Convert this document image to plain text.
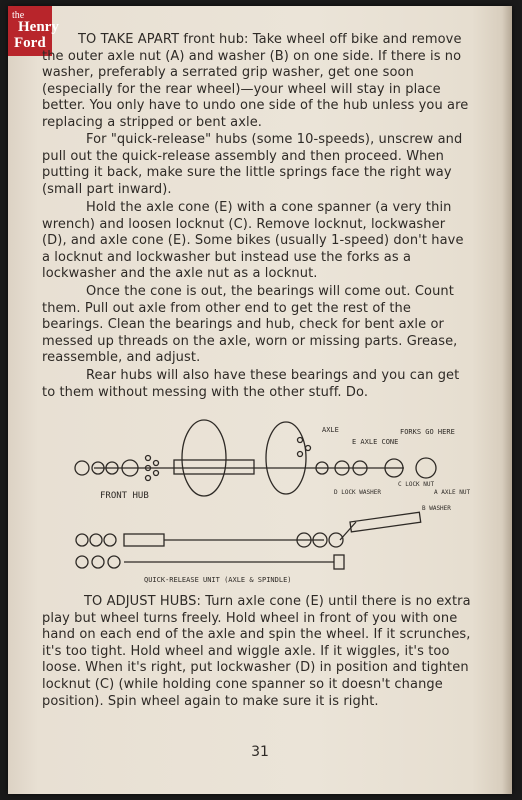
the
Henry
Ford	TO TAKE APART front hub: Take wheel off bike and remove the outer axle nut (A) and washer (B) on one side. If there is no washer, preferably a serrated grip washer, get one soon (especially for the rear wheel)—your wheel will stay in place better. You only have to undo one side of the hub unless you are replacing a stripped or bent axle.
For "quick-release" hubs (some 10-speeds), unscrew and pull out the quick-release assembly and then proceed. When putting it back, make sure the little springs face the right way (small part inward).
Hold the axle cone (E) with a cone spanner (a very thin wrench) and loosen locknut (C). Remove locknut, lockwasher (D), and axle cone (E). Some bikes (usually 1-speed) don't have a locknut and lockwasher but instead use the forks as a lockwasher and the axle nut as a locknut.
Once the cone is out, the bearings will come out. Count them. Pull out axle from other end to get the rest of the bearings. Clean the bearings and hub, check for bent axle or messed up threads on the axle, worn or missing parts. Grease, reassemble, and adjust.
Rear hubs will also have these bearings and you can get to them without messing with the other stuff. Do.
FRONT HUB
AXLE
E AXLE CONE
FORKS GO HERE
D LOCK WASHER
C LOCK NUT
A AXLE NUT
B WASHER
QUICK-RELEASE UNIT (AXLE & SPINDLE)
TO ADJUST HUBS: Turn axle cone (E) until there is no extra play but wheel turns freely. Hold wheel in front of you with one hand on each end of the axle and spin the wheel. If it scrunches, it's too tight. Hold wheel and wiggle axle. If it wiggles, it's too loose. When it's right, put lockwasher (D) in position and tighten locknut (C) (while holding cone spanner so it doesn't change position). Spin wheel again to make sure it is right.
31
